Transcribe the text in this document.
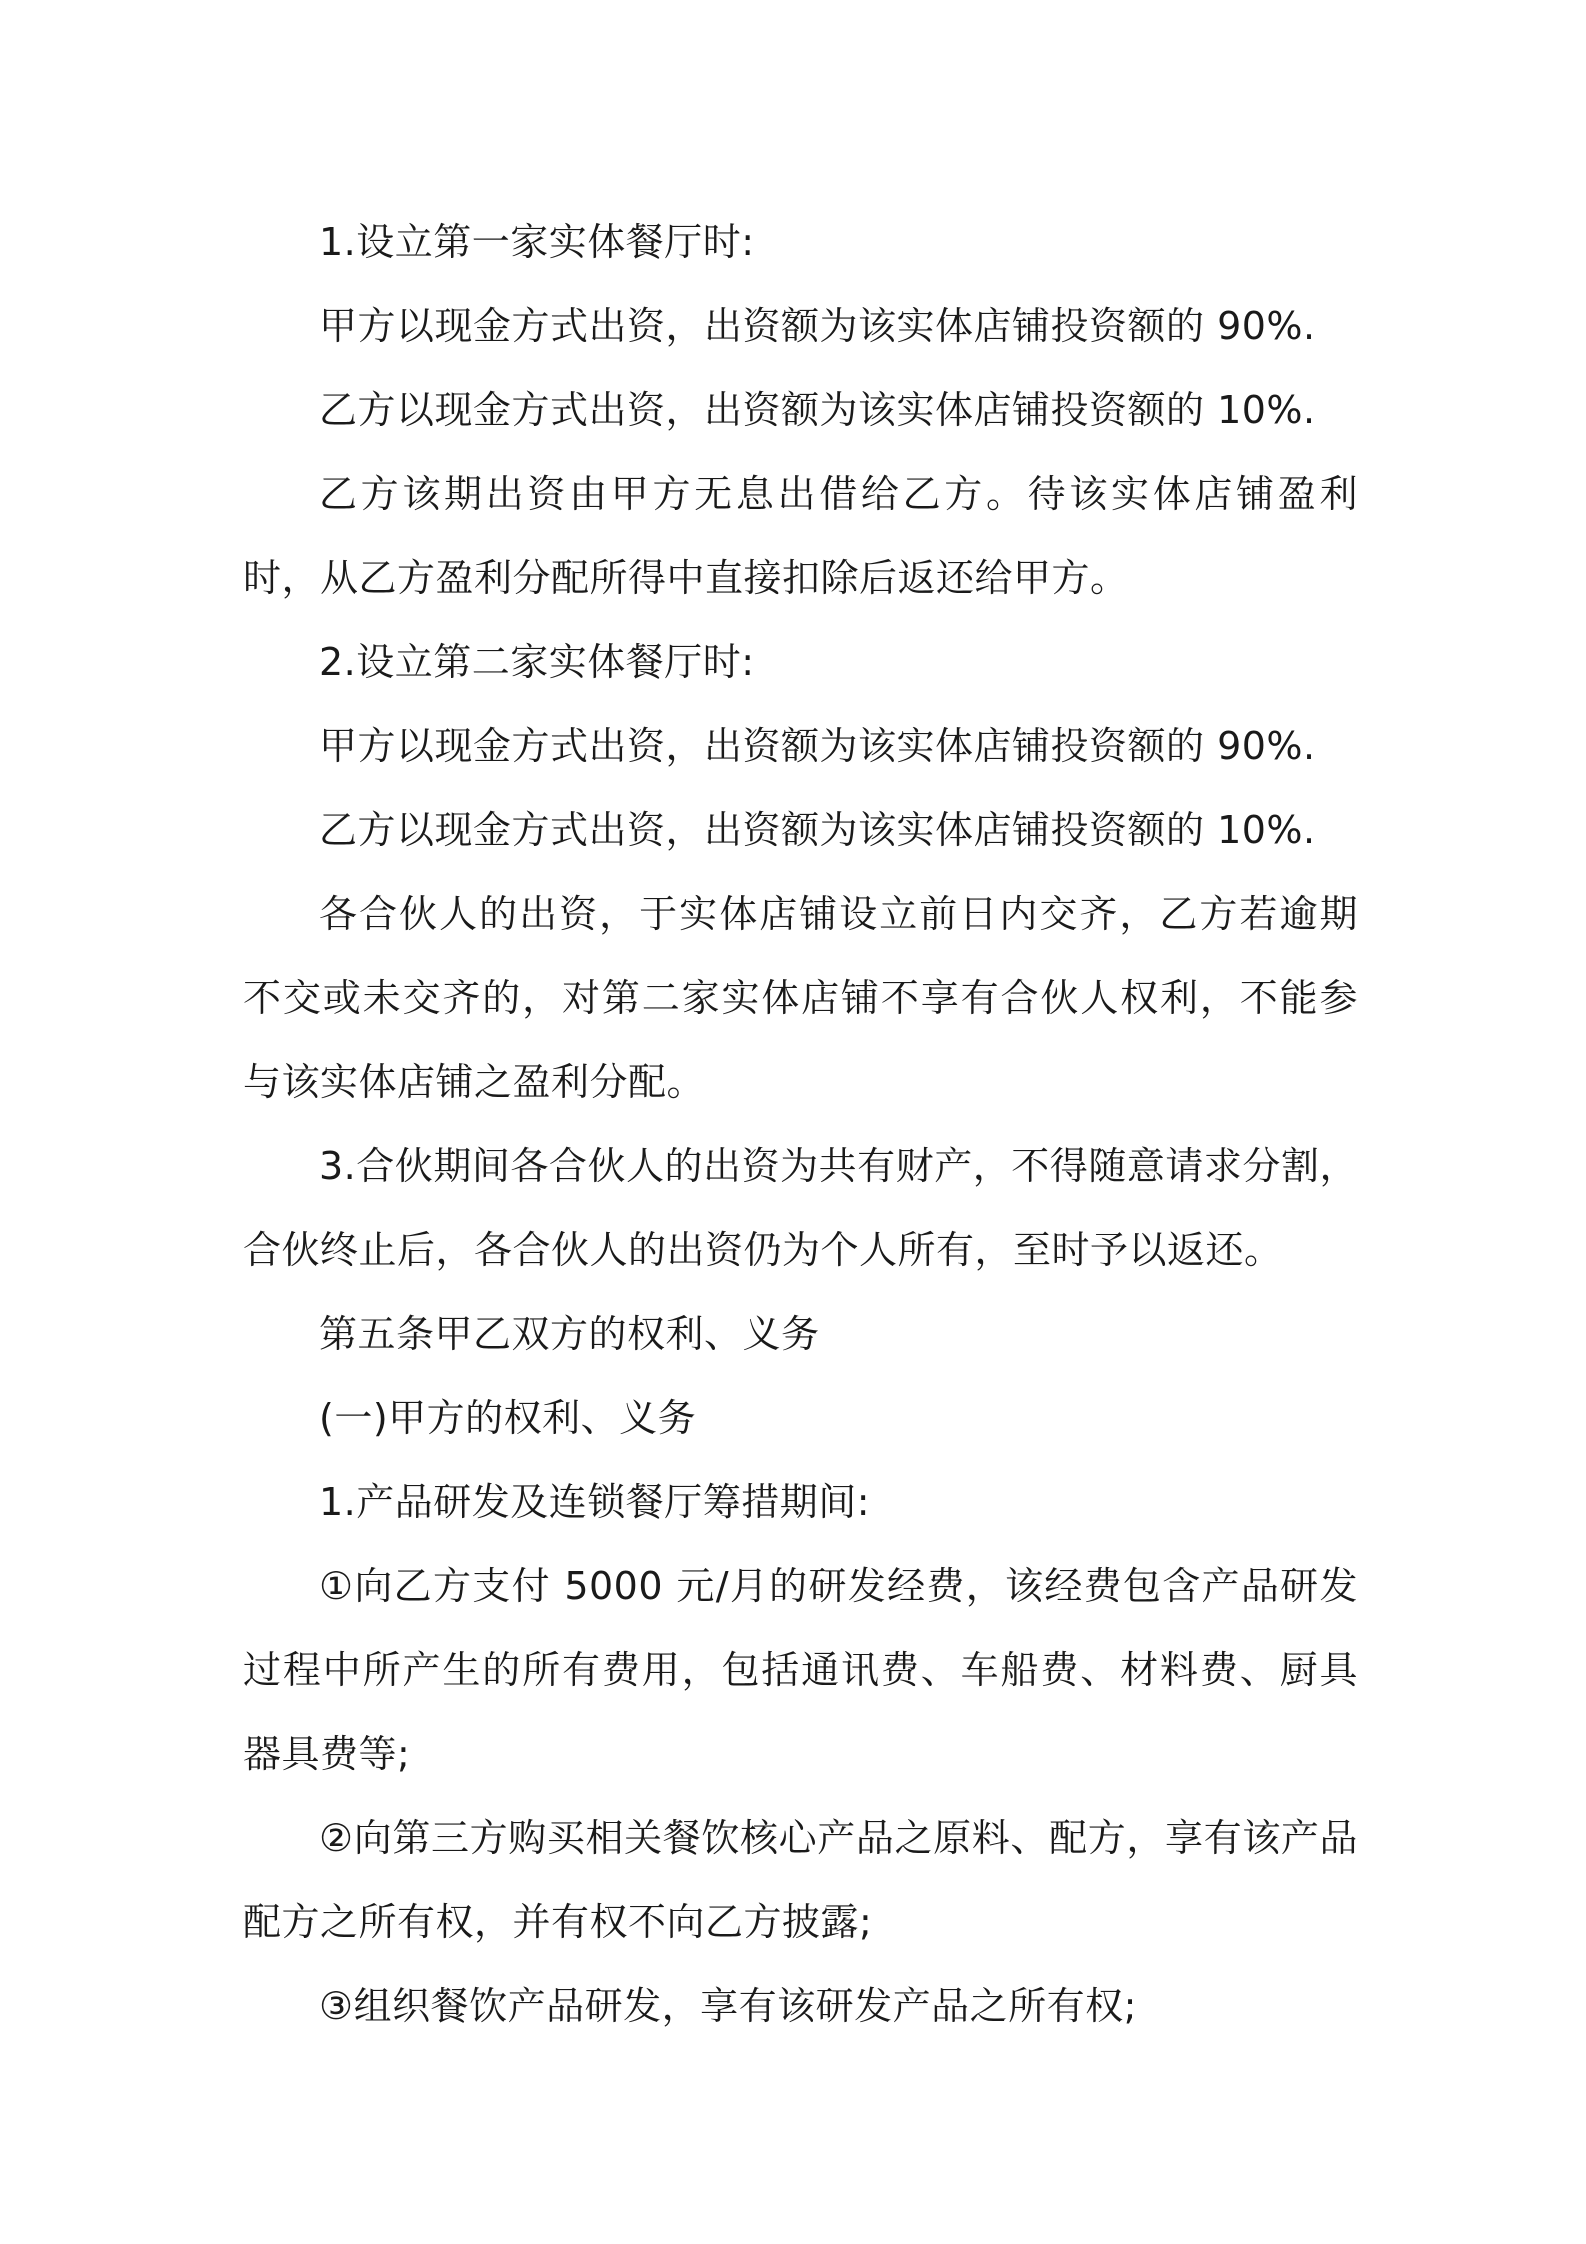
1.设立第一家实体餐厅时:

甲方以现金方式出资，出资额为该实体店铺投资额的 90%.

乙方以现金方式出资，出资额为该实体店铺投资额的 10%.

乙方该期出资由甲方无息出借给乙方。待该实体店铺盈利时，从乙方盈利分配所得中直接扣除后返还给甲方。

2.设立第二家实体餐厅时:

甲方以现金方式出资，出资额为该实体店铺投资额的 90%.

乙方以现金方式出资，出资额为该实体店铺投资额的 10%.

各合伙人的出资，于实体店铺设立前日内交齐，乙方若逾期不交或未交齐的，对第二家实体店铺不享有合伙人权利，不能参与该实体店铺之盈利分配。

3.合伙期间各合伙人的出资为共有财产，不得随意请求分割，合伙终止后，各合伙人的出资仍为个人所有，至时予以返还。

第五条甲乙双方的权利、义务

(一)甲方的权利、义务

1.产品研发及连锁餐厅筹措期间:

①向乙方支付 5000 元/月的研发经费，该经费包含产品研发过程中所产生的所有费用，包括通讯费、车船费、材料费、厨具器具费等;

②向第三方购买相关餐饮核心产品之原料、配方，享有该产品配方之所有权，并有权不向乙方披露;

③组织餐饮产品研发，享有该研发产品之所有权;
